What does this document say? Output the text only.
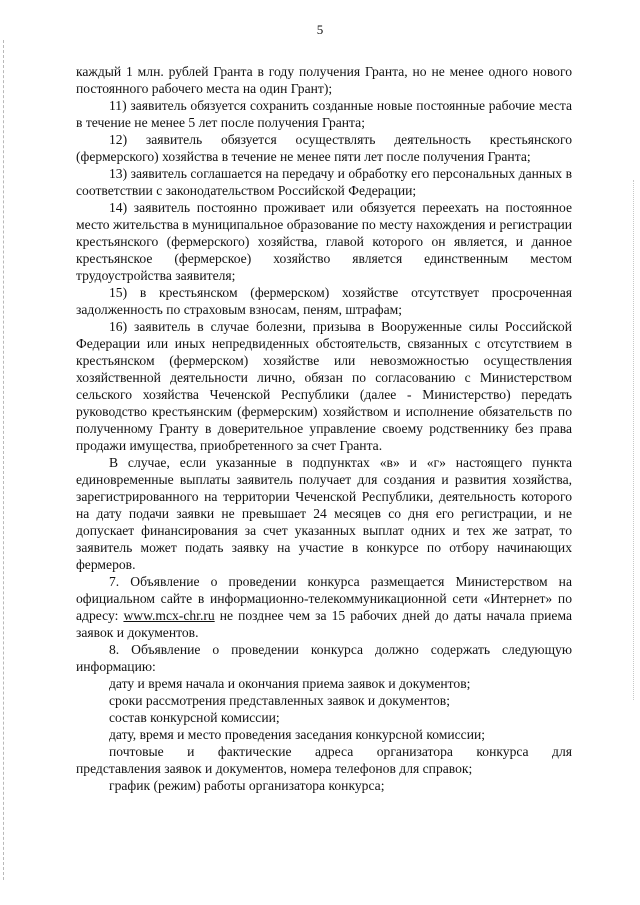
5

каждый 1 млн. рублей Гранта в году получения Гранта, но не менее одного нового постоянного рабочего места на один Грант);

11) заявитель обязуется сохранить созданные новые постоянные рабочие места в течение не менее 5 лет после получения Гранта;

12) заявитель обязуется осуществлять деятельность крестьянского (фермерского) хозяйства в течение не менее пяти лет после получения Гранта;

13) заявитель соглашается на передачу и обработку его персональных данных в соответствии с законодательством Российской Федерации;

14) заявитель постоянно проживает или обязуется переехать на постоянное место жительства в муниципальное образование по месту нахождения и регистрации крестьянского (фермерского) хозяйства, главой которого он является, и данное крестьянское (фермерское) хозяйство является единственным местом трудоустройства заявителя;

15) в крестьянском (фермерском) хозяйстве отсутствует просроченная задолженность по страховым взносам, пеням, штрафам;

16) заявитель в случае болезни, призыва в Вооруженные силы Российской Федерации или иных непредвиденных обстоятельств, связанных с отсутствием в крестьянском (фермерском) хозяйстве или невозможностью осуществления хозяйственной деятельности лично, обязан по согласованию с Министерством сельского хозяйства Чеченской Республики (далее - Министерство) передать руководство крестьянским (фермерским) хозяйством и исполнение обязательств по полученному Гранту в доверительное управление своему родственнику без права продажи имущества, приобретенного за счет Гранта.

В случае, если указанные в подпунктах «в» и «г» настоящего пункта единовременные выплаты заявитель получает для создания и развития хозяйства, зарегистрированного на территории Чеченской Республики, деятельность которого на дату подачи заявки не превышает 24 месяцев со дня его регистрации, и не допускает финансирования за счет указанных выплат одних и тех же затрат, то заявитель может подать заявку на участие в конкурсе по отбору начинающих фермеров.

7. Объявление о проведении конкурса размещается Министерством на официальном сайте в информационно-телекоммуникационной сети «Интернет» по адресу: www.mcx-chr.ru не позднее чем за 15 рабочих дней до даты начала приема заявок и документов.

8. Объявление о проведении конкурса должно содержать следующую информацию:

дату и время начала и окончания приема заявок и документов;

сроки рассмотрения представленных заявок и документов;

состав конкурсной комиссии;

дату, время и место проведения заседания конкурсной комиссии;

почтовые и фактические адреса организатора конкурса для

представления заявок и документов, номера телефонов для справок;

график (режим) работы организатора конкурса;
